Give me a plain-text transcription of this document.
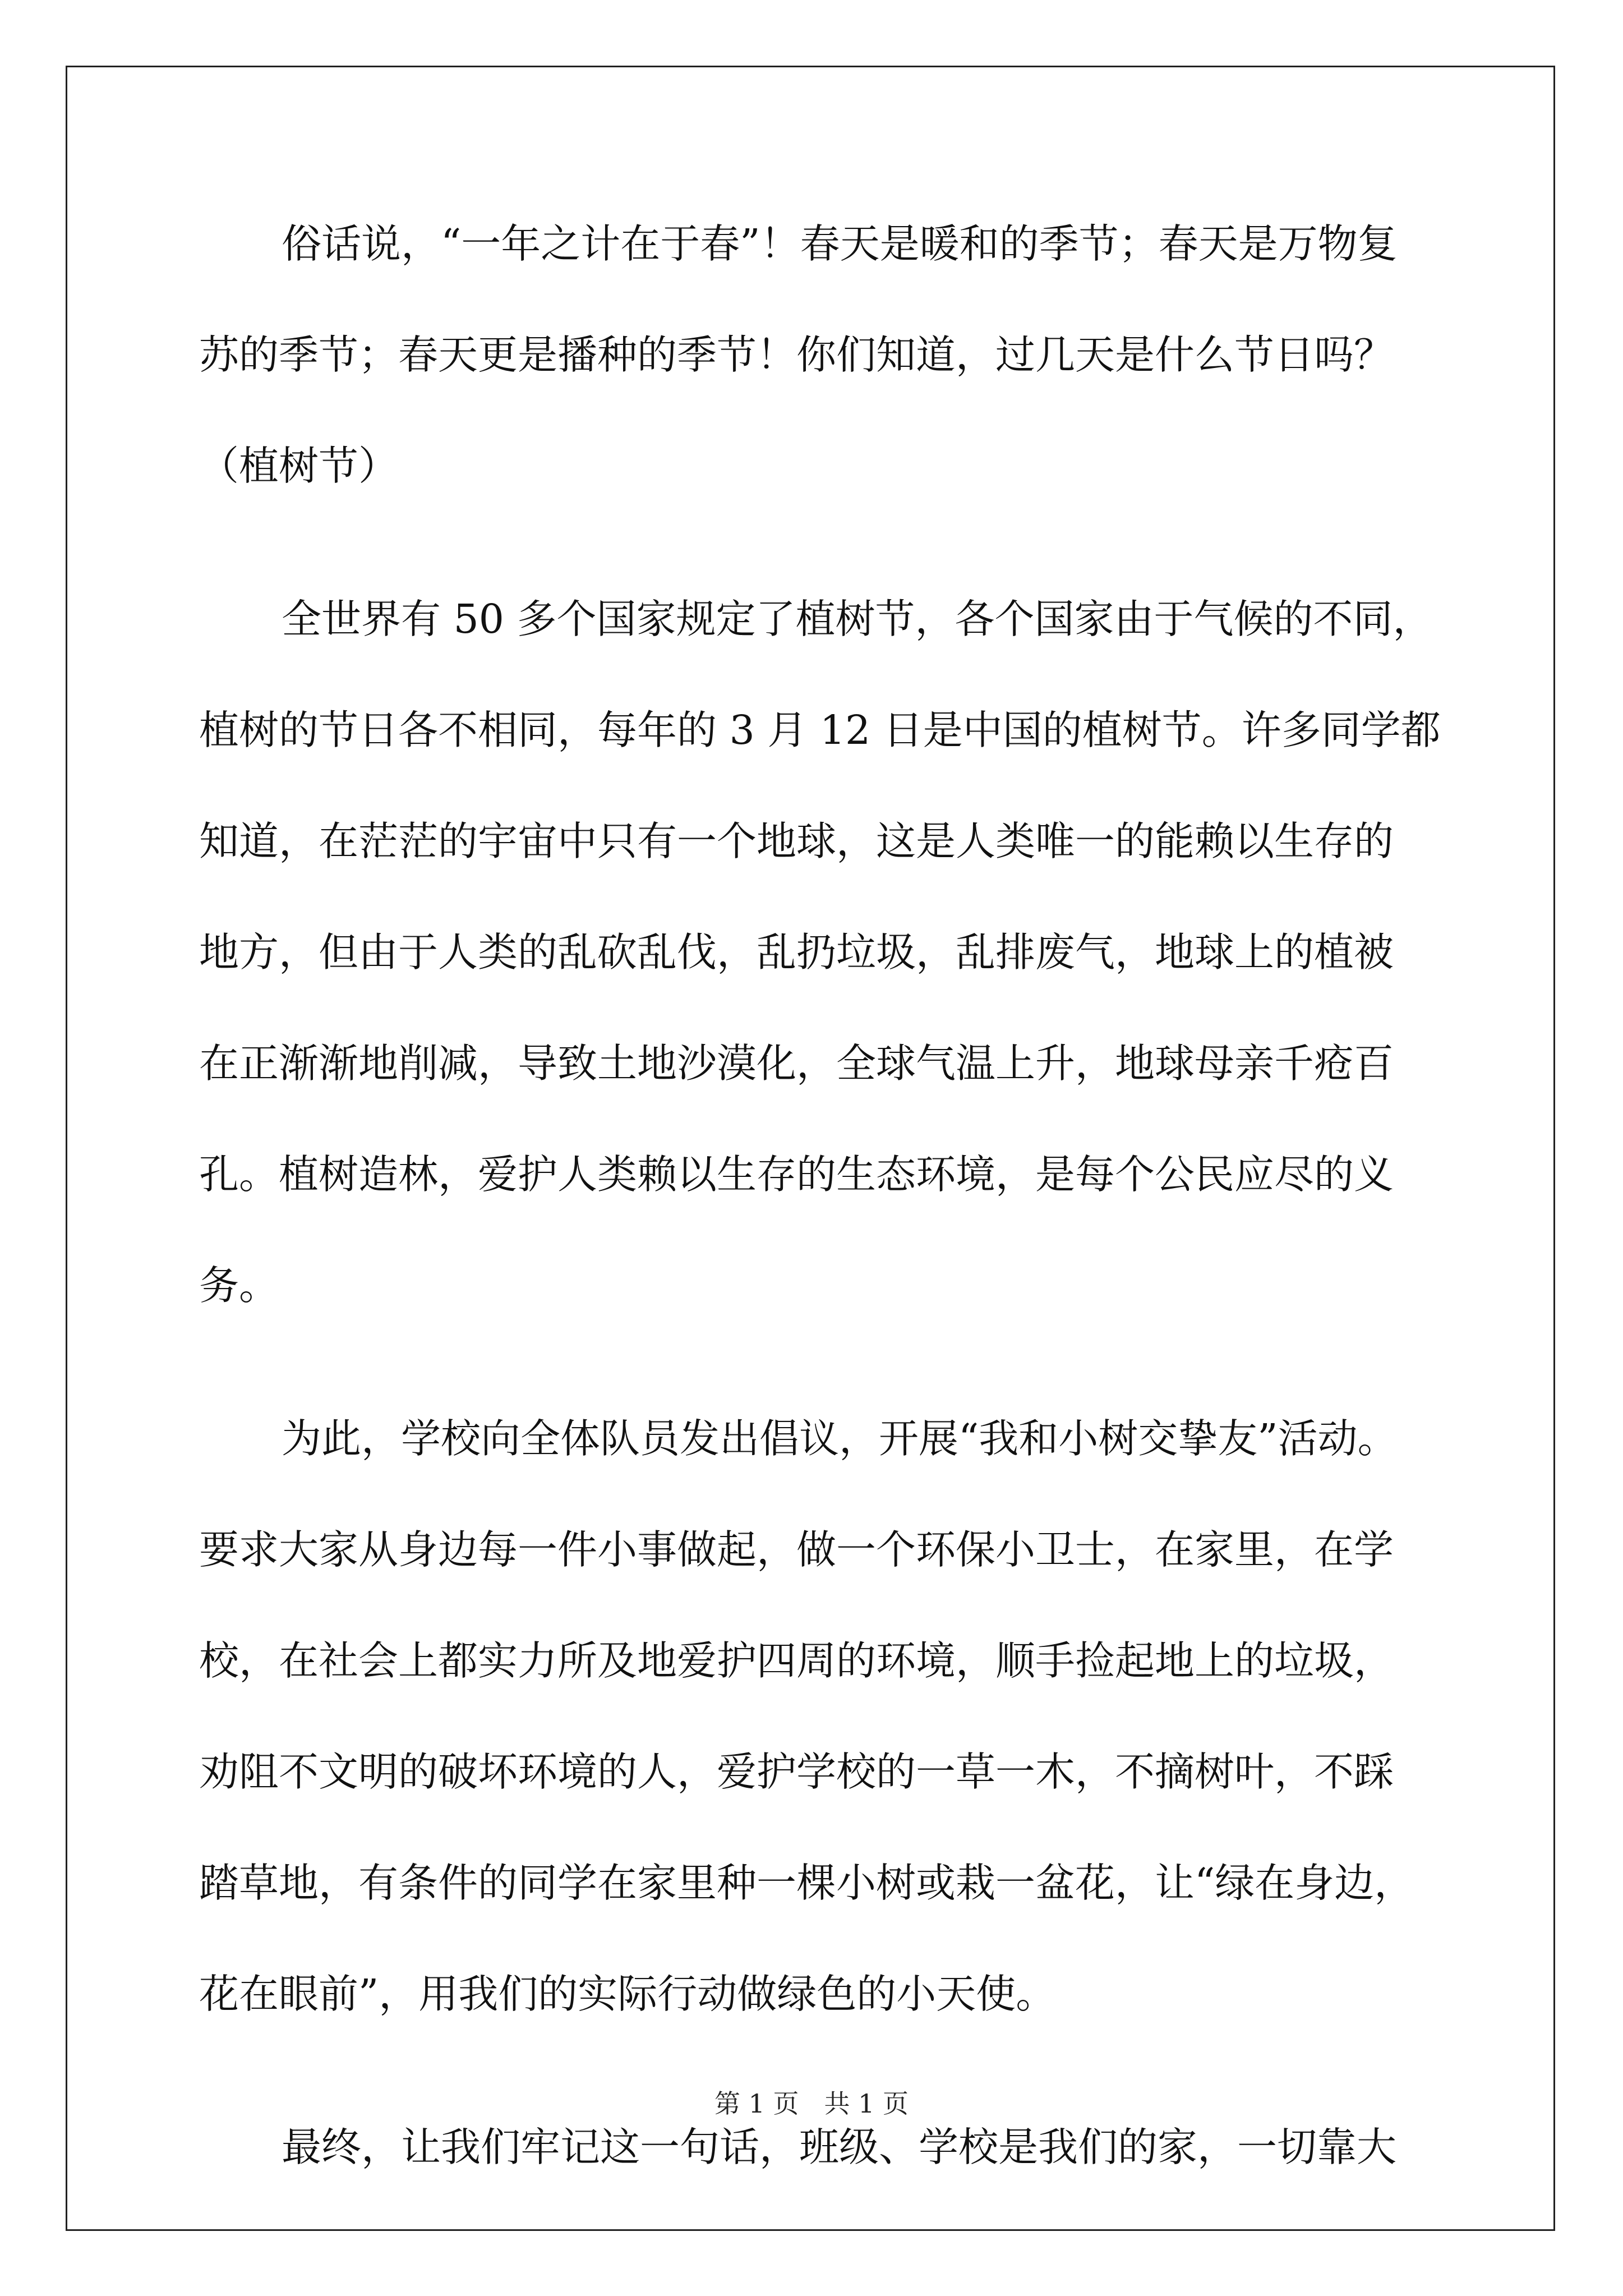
俗话说，“一年之计在于春”！春天是暖和的季节；春天是万物复
苏的季节；春天更是播种的季节！你们知道，过几天是什么节日吗？
（植树节）
全世界有 50 多个国家规定了植树节，各个国家由于气候的不同，
植树的节日各不相同，每年的 3 月 12 日是中国的植树节。许多同学都
知道，在茫茫的宇宙中只有一个地球，这是人类唯一的能赖以生存的
地方，但由于人类的乱砍乱伐，乱扔垃圾，乱排废气，地球上的植被
在正渐渐地削减，导致土地沙漠化，全球气温上升，地球母亲千疮百
孔。植树造林，爱护人类赖以生存的生态环境，是每个公民应尽的义
务。
为此，学校向全体队员发出倡议，开展“我和小树交挚友”活动。
要求大家从身边每一件小事做起，做一个环保小卫士，在家里，在学
校，在社会上都实力所及地爱护四周的环境，顺手捡起地上的垃圾，
劝阻不文明的破坏环境的人，爱护学校的一草一木，不摘树叶，不踩
踏草地，有条件的同学在家里种一棵小树或栽一盆花，让“绿在身边，
花在眼前”，用我们的实际行动做绿色的小天使。
最终，让我们牢记这一句话，班级、学校是我们的家，一切靠大
第 1 页 共 1 页
